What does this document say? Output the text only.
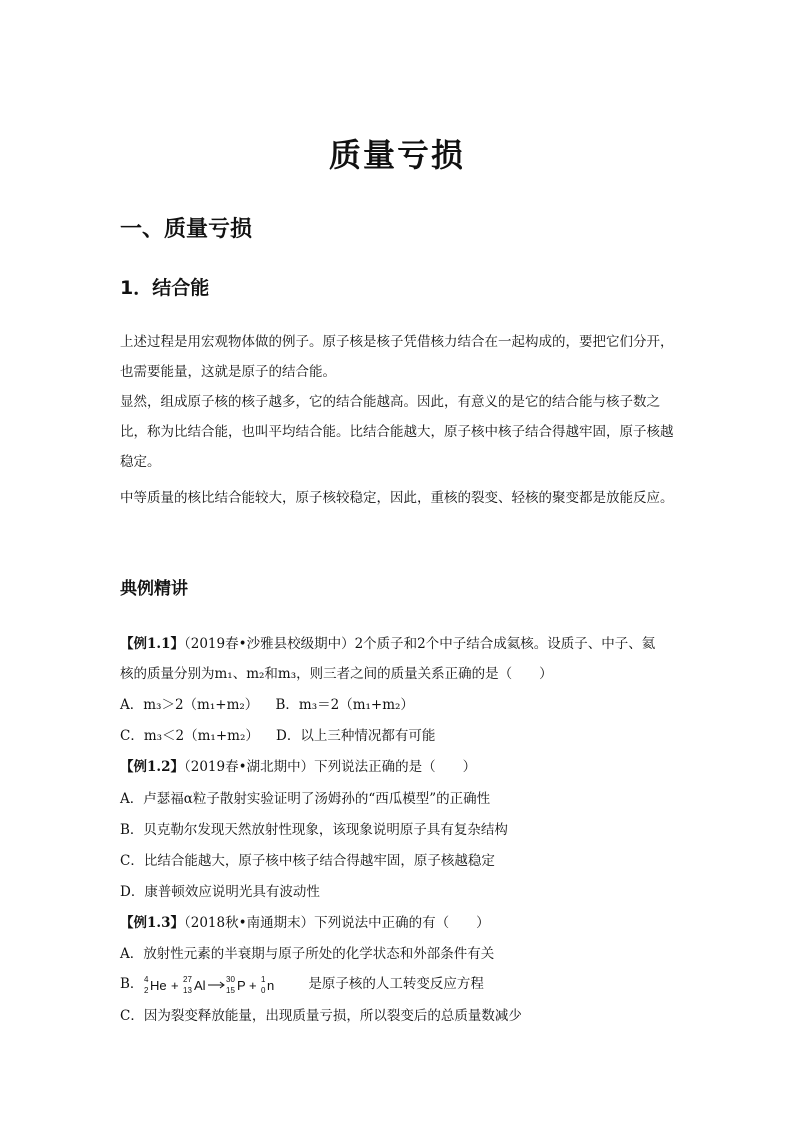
质量亏损
一、质量亏损
1．结合能
上述过程是用宏观物体做的例子。原子核是核子凭借核力结合在一起构成的，要把它们分开，也需要能量，这就是原子的结合能。
显然，组成原子核的核子越多，它的结合能越高。因此，有意义的是它的结合能与核子数之比，称为比结合能，也叫平均结合能。比结合能越大，原子核中核子结合得越牢固，原子核越稳定。
中等质量的核比结合能较大，原子核较稳定，因此，重核的裂变、轻核的聚变都是放能反应。
典例精讲
【例1.1】（2019春•沙雅县校级期中）2个质子和2个中子结合成氦核。设质子、中子、氦
核的质量分别为m₁、m₂和m₃，则三者之间的质量关系正确的是（　　）
A．m₃＞2（m₁+m₂） B．m₃＝2（m₁+m₂）
C．m₃＜2（m₁+m₂） D．以上三种情况都有可能
【例1.2】（2019春•湖北期中）下列说法正确的是（　　）
A．卢瑟福α粒子散射实验证明了汤姆孙的“西瓜模型”的正确性
B．贝克勒尔发现天然放射性现象，该现象说明原子具有复杂结构
C．比结合能越大，原子核中核子结合得越牢固，原子核越稳定
D．康普顿效应说明光具有波动性
【例1.3】（2018秋•南通期末）下列说法中正确的有（　　）
A．放射性元素的半衰期与原子所处的化学状态和外部条件有关
B． 4
2 He + 27
13 Al	30
15 P + 1
0 n	是原子核的人工转变反应方程
C．因为裂变释放能量，出现质量亏损，所以裂变后的总质量数减少
